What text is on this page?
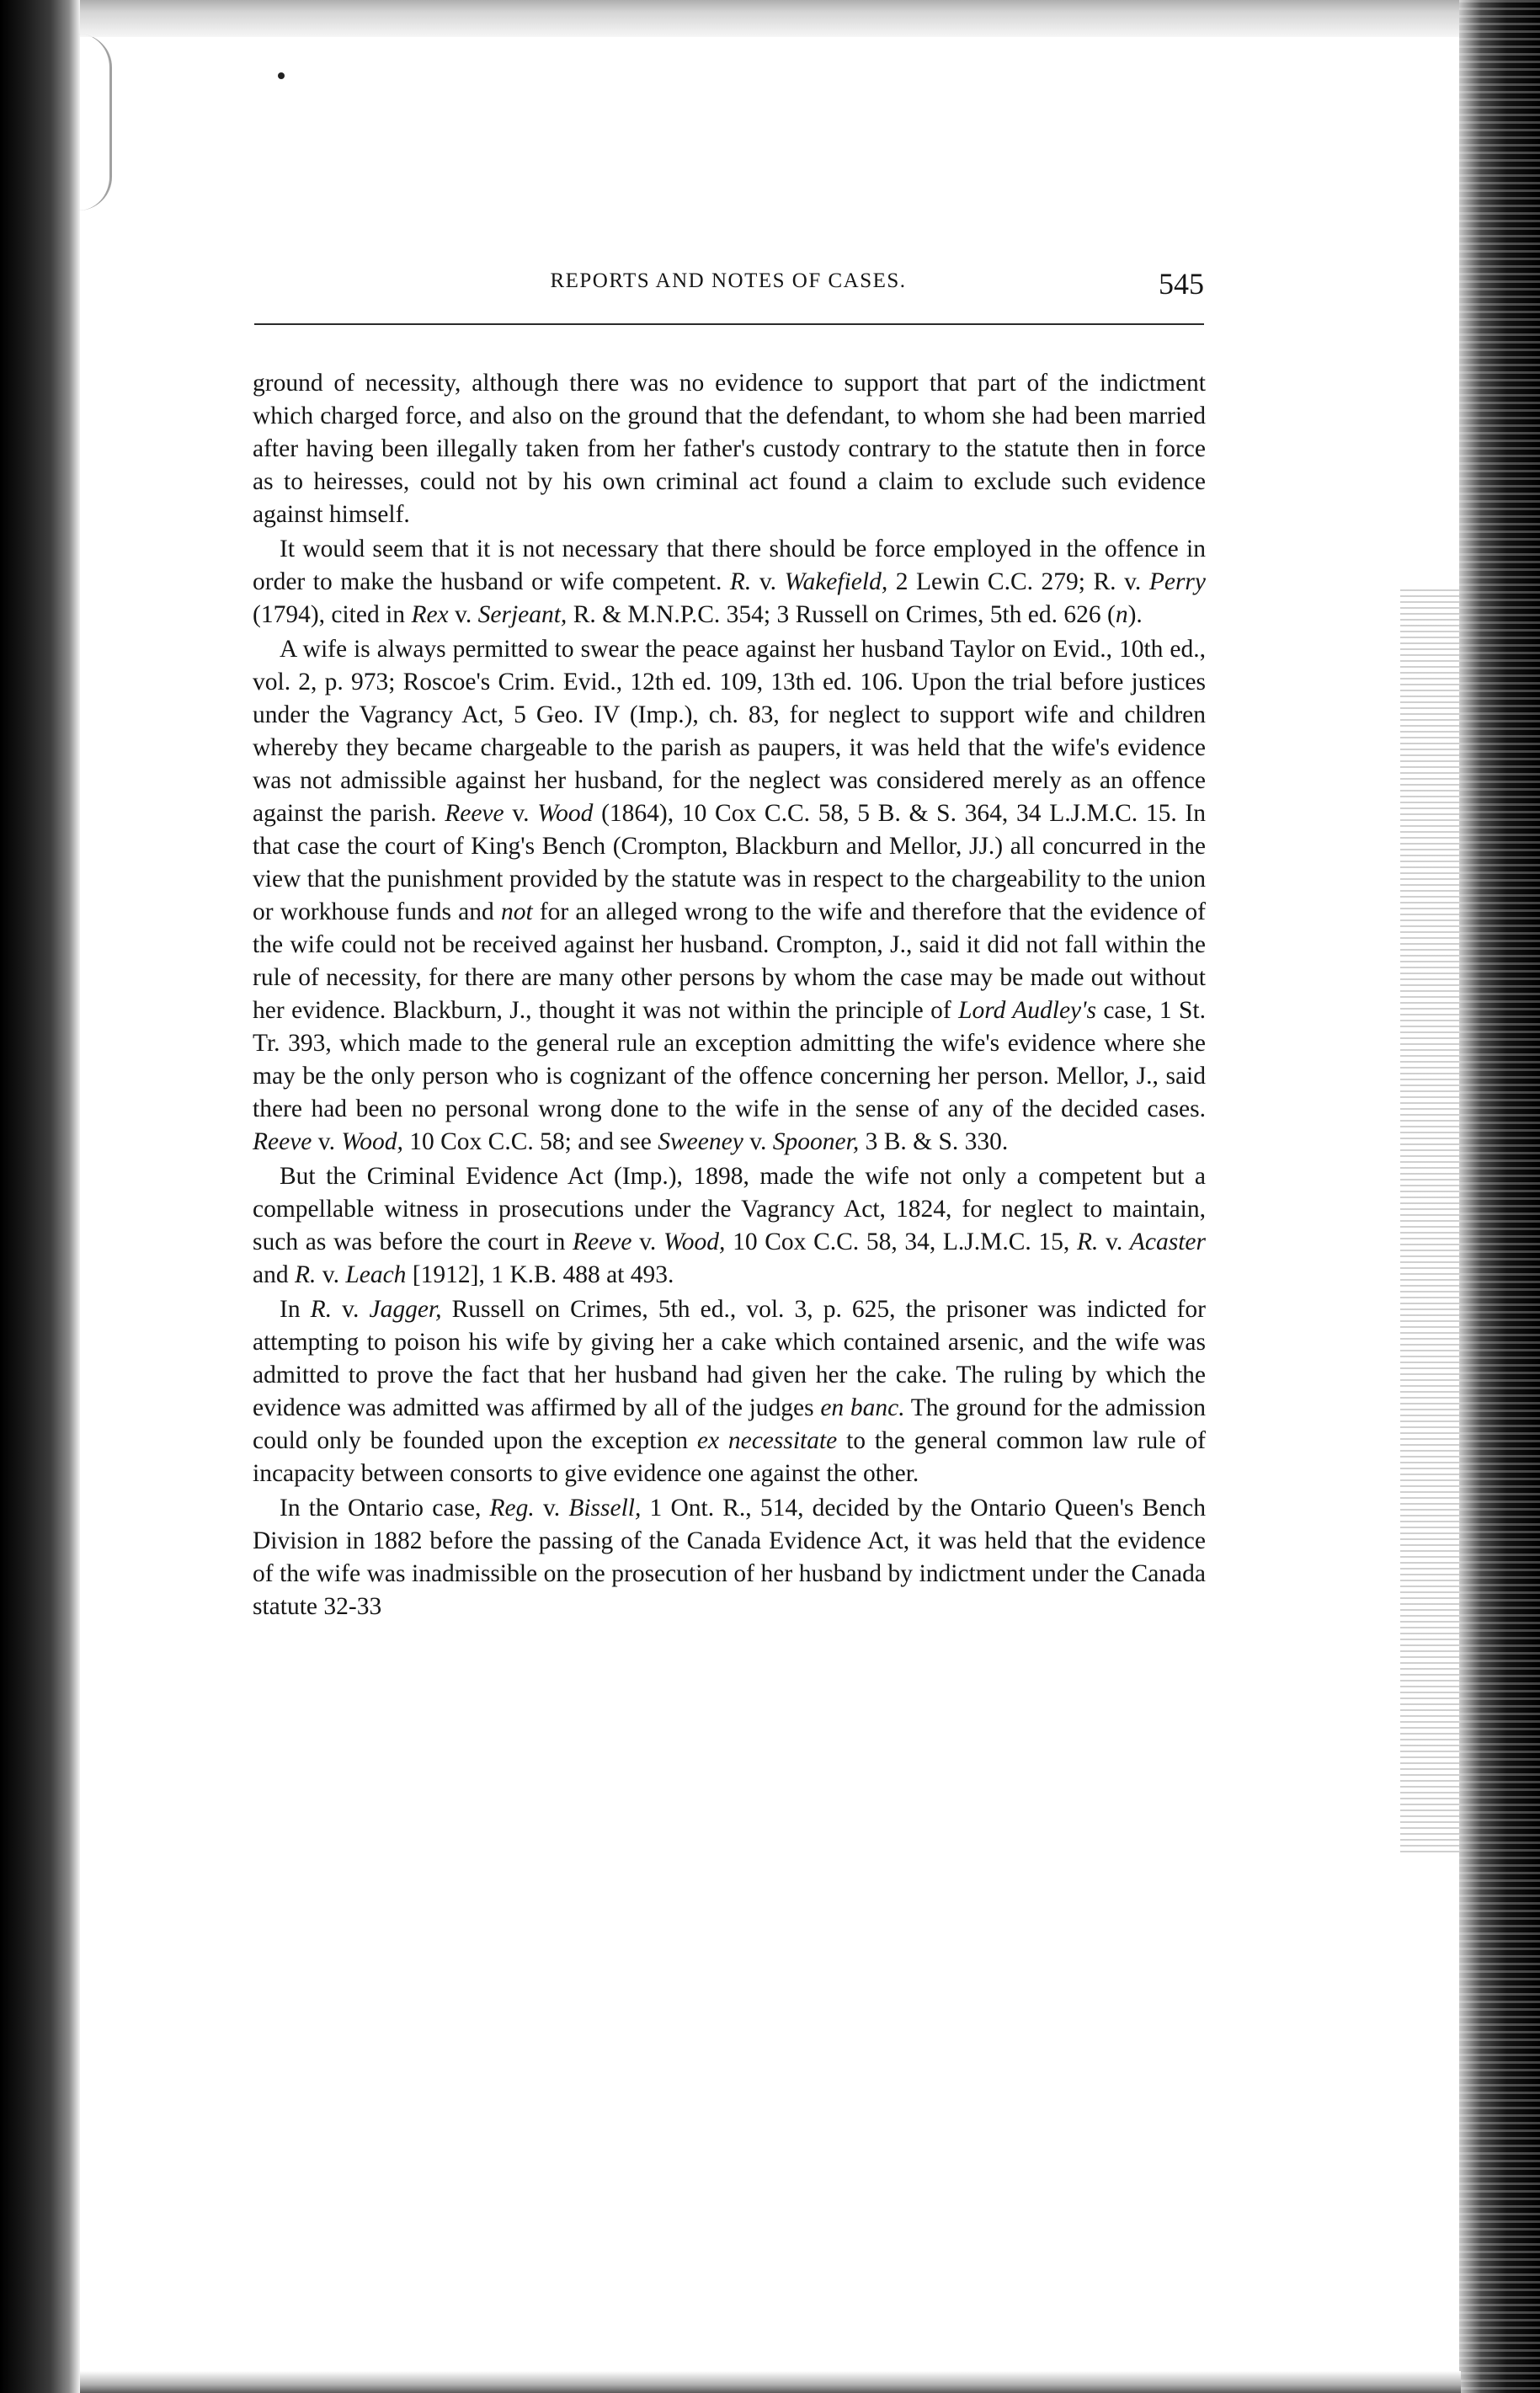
REPORTS AND NOTES OF CASES.	545

ground of necessity, although there was no evidence to support that part of the indictment which charged force, and also on the ground that the defendant, to whom she had been married after having been illegally taken from her father's custody contrary to the statute then in force as to heiresses, could not by his own criminal act found a claim to exclude such evidence against himself.

It would seem that it is not necessary that there should be force employed in the offence in order to make the husband or wife competent. R. v. Wakefield, 2 Lewin C.C. 279; R. v. Perry (1794), cited in Rex v. Serjeant, R. & M.N.P.C. 354; 3 Russell on Crimes, 5th ed. 626 (n).

A wife is always permitted to swear the peace against her husband Taylor on Evid., 10th ed., vol. 2, p. 973; Roscoe's Crim. Evid., 12th ed. 109, 13th ed. 106. Upon the trial before justices under the Vagrancy Act, 5 Geo. IV (Imp.), ch. 83, for neglect to support wife and children whereby they became chargeable to the parish as paupers, it was held that the wife's evidence was not admissible against her husband, for the neglect was considered merely as an offence against the parish. Reeve v. Wood (1864), 10 Cox C.C. 58, 5 B. & S. 364, 34 L.J.M.C. 15. In that case the court of King's Bench (Crompton, Blackburn and Mellor, JJ.) all concurred in the view that the punishment provided by the statute was in respect to the chargeability to the union or workhouse funds and not for an alleged wrong to the wife and therefore that the evidence of the wife could not be received against her husband. Crompton, J., said it did not fall within the rule of necessity, for there are many other persons by whom the case may be made out without her evidence. Blackburn, J., thought it was not within the principle of Lord Audley's case, 1 St. Tr. 393, which made to the general rule an exception admitting the wife's evidence where she may be the only person who is cognizant of the offence concerning her person. Mellor, J., said there had been no personal wrong done to the wife in the sense of any of the decided cases. Reeve v. Wood, 10 Cox C.C. 58; and see Sweeney v. Spooner, 3 B. & S. 330.

But the Criminal Evidence Act (Imp.), 1898, made the wife not only a competent but a compellable witness in prosecutions under the Vagrancy Act, 1824, for neglect to maintain, such as was before the court in Reeve v. Wood, 10 Cox C.C. 58, 34, L.J.M.C. 15, R. v. Acaster and R. v. Leach [1912], 1 K.B. 488 at 493.

In R. v. Jagger, Russell on Crimes, 5th ed., vol. 3, p. 625, the prisoner was indicted for attempting to poison his wife by giving her a cake which contained arsenic, and the wife was admitted to prove the fact that her husband had given her the cake. The ruling by which the evidence was admitted was affirmed by all of the judges en banc. The ground for the admission could only be founded upon the exception ex necessitate to the general common law rule of incapacity between consorts to give evidence one against the other.

In the Ontario case, Reg. v. Bissell, 1 Ont. R., 514, decided by the Ontario Queen's Bench Division in 1882 before the passing of the Canada Evidence Act, it was held that the evidence of the wife was inadmissible on the prosecution of her husband by indictment under the Canada statute 32-33
